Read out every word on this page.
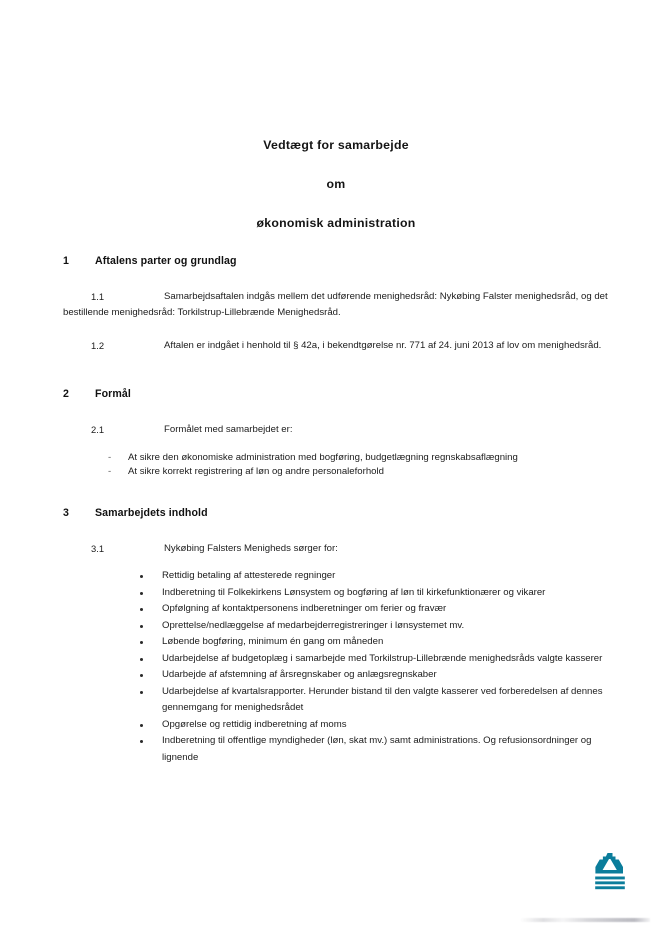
Vedtægt for samarbejde
om
økonomisk administration
1 Aftalens parter og grundlag
1.1	Samarbejdsaftalen indgås mellem det udførende menighedsråd: Nykøbing Falster menighedsråd, og det bestillende menighedsråd: Torkilstrup-Lillebrænde Menighedsråd.
1.2	Aftalen er indgået i henhold til § 42a, i bekendtgørelse nr. 771 af 24. juni 2013 af lov om menighedsråd.
2 Formål
2.1	Formålet med samarbejdet er:
- At sikre den økonomiske administration med bogføring, budgetlægning regnskabsaflægning
- At sikre korrekt registrering af løn og andre personaleforhold
3 Samarbejdets indhold
3.1	Nykøbing Falsters Menigheds sørger for:
Rettidig betaling af attesterede regninger
Indberetning til Folkekirkens Lønsystem og bogføring af løn til kirkefunktionærer og vikarer
Opfølgning af kontaktpersonens indberetninger om ferier og fravær
Oprettelse/nedlæggelse af medarbejderregistreringer i lønsystemet mv.
Løbende bogføring, minimum én gang om måneden
Udarbejdelse af budgetoplæg i samarbejde med Torkilstrup-Lillebrænde menighedsråds valgte kasserer
Udarbejde af afstemning af årsregnskaber og anlægsregnskaber
Udarbejdelse af kvartalsrapporter. Herunder bistand til den valgte kasserer ved forberedelsen af dennes gennemgang for menighedsrådet
Opgørelse og rettidig indberetning af moms
Indberetning til offentlige myndigheder (løn, skat mv.) samt administrations. Og refusionsordninger og lignende
